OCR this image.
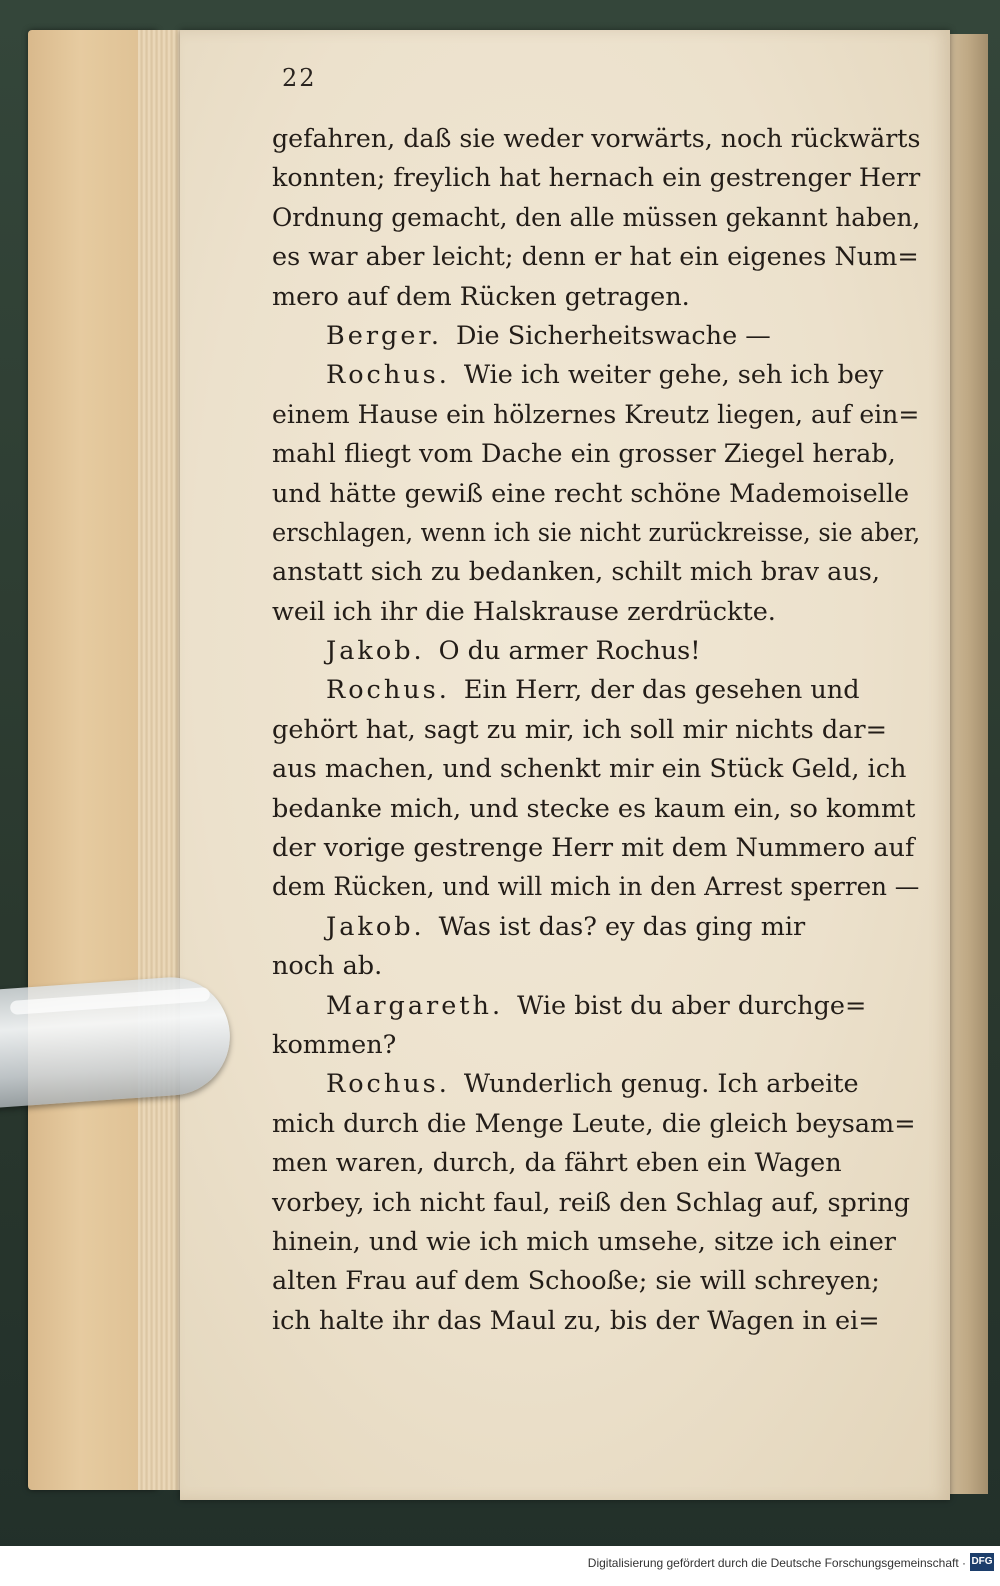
22
gefahren, daß sie weder vorwärts, noch rückwärts
konnten; freylich hat hernach ein gestrenger Herr
Ordnung gemacht, den alle müssen gekannt haben,
es war aber leicht; denn er hat ein eigenes Num=
mero auf dem Rücken getragen.
Berger. Die Sicherheitswache —
Rochus. Wie ich weiter gehe, seh ich bey
einem Hause ein hölzernes Kreutz liegen, auf ein=
mahl fliegt vom Dache ein grosser Ziegel herab,
und hätte gewiß eine recht schöne Mademoiselle
erschlagen, wenn ich sie nicht zurückreisse, sie aber,
anstatt sich zu bedanken, schilt mich brav aus,
weil ich ihr die Halskrause zerdrückte.
Jakob. O du armer Rochus!
Rochus. Ein Herr, der das gesehen und
gehört hat, sagt zu mir, ich soll mir nichts dar=
aus machen, und schenkt mir ein Stück Geld, ich
bedanke mich, und stecke es kaum ein, so kommt
der vorige gestrenge Herr mit dem Nummero auf
dem Rücken, und will mich in den Arrest sperren —
Jakob. Was ist das? ey das ging mir
noch ab.
Margareth. Wie bist du aber durchge=
kommen?
Rochus. Wunderlich genug. Ich arbeite
mich durch die Menge Leute, die gleich beysam=
men waren, durch, da fährt eben ein Wagen
vorbey, ich nicht faul, reiß den Schlag auf, spring
hinein, und wie ich mich umsehe, sitze ich einer
alten Frau auf dem Schooße; sie will schreyen;
ich halte ihr das Maul zu, bis der Wagen in ei=
Digitalisierung gefördert durch die Deutsche Forschungsgemeinschaft · DFG
